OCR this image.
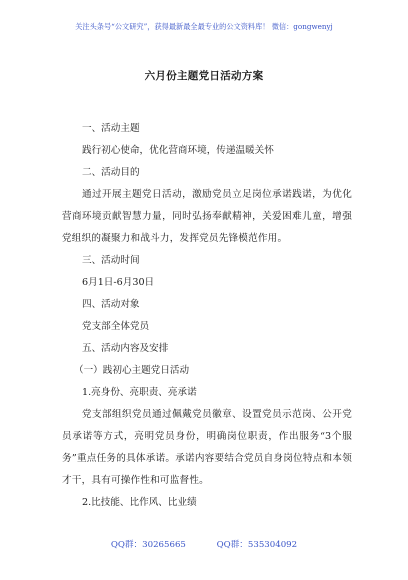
关注头条号“公文研究”，获得最新最全最专业的公文资料库！ 微信：gongwenyj
六月份主题党日活动方案
一、活动主题
践行初心使命，优化营商环境，传递温暖关怀
二、活动目的
通过开展主题党日活动，激励党员立足岗位承诺践诺，为优化营商环境贡献智慧力量，同时弘扬奉献精神，关爱困难儿童，增强党组织的凝聚力和战斗力，发挥党员先锋模范作用。
三、活动时间
6月1日-6月30日
四、活动对象
党支部全体党员
五、活动内容及安排
（一）践初心主题党日活动
1.亮身份、亮职责、亮承诺
党支部组织党员通过佩戴党员徽章、设置党员示范岗、公开党员承诺等方式，亮明党员身份，明确岗位职责，作出服务“3个服务”重点任务的具体承诺。承诺内容要结合党员自身岗位特点和本领才干，具有可操作性和可监督性。
2.比技能、比作风、比业绩
QQ群：30265665	QQ群：535304092
